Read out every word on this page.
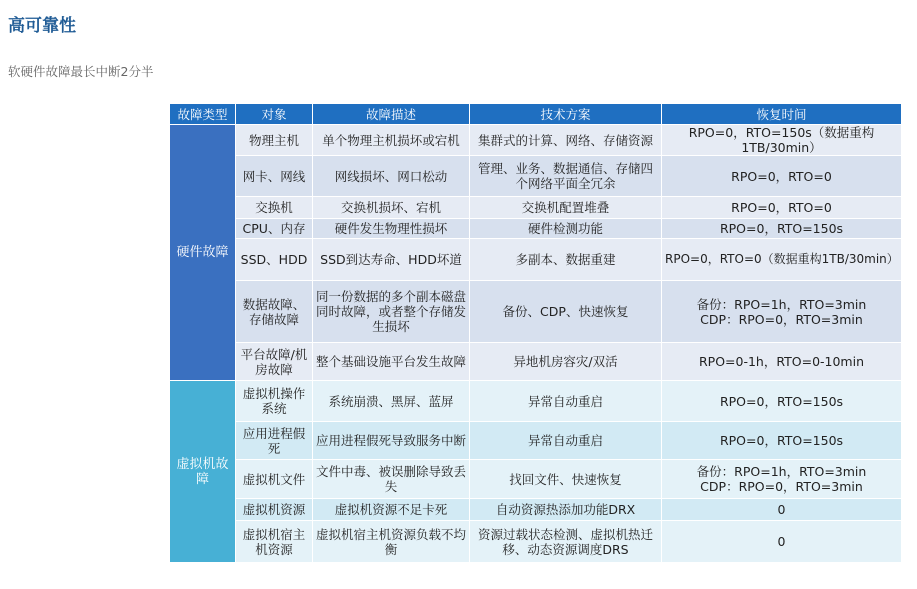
高可靠性
软硬件故障最长中断2分半
故障类型	对象	故障描述	技术方案	恢复时间
硬件故障	物理主机	单个物理主机损坏或宕机	集群式的计算、网络、存储资源	RPO=0，RTO=150s（数据重构1TB/30min）
	网卡、网线	网线损坏、网口松动	管理、业务、数据通信、存储四个网络平面全冗余	RPO=0，RTO=0
	交换机	交换机损坏、宕机	交换机配置堆叠	RPO=0，RTO=0
	CPU、内存	硬件发生物理性损坏	硬件检测功能	RPO=0，RTO=150s
	SSD、HDD	SSD到达寿命、HDD坏道	多副本、数据重建	RPO=0，RTO=0（数据重构1TB/30min）
	数据故障、存储故障	同一份数据的多个副本磁盘同时故障，或者整个存储发生损坏	备份、CDP、快速恢复	备份：RPO=1h，RTO=3min
CDP：RPO=0，RTO=3min
	平台故障/机房故障	整个基础设施平台发生故障	异地机房容灾/双活	RPO=0-1h，RTO=0-10min
虚拟机故障	虚拟机操作系统	系统崩溃、黑屏、蓝屏	异常自动重启	RPO=0，RTO=150s
	应用进程假死	应用进程假死导致服务中断	异常自动重启	RPO=0，RTO=150s
	虚拟机文件	文件中毒、被误删除导致丢失	找回文件、快速恢复	备份：RPO=1h，RTO=3min
CDP：RPO=0，RTO=3min
	虚拟机资源	虚拟机资源不足卡死	自动资源热添加功能DRX	0
	虚拟机宿主机资源	虚拟机宿主机资源负载不均衡	资源过载状态检测、虚拟机热迁移、动态资源调度DRS	0
